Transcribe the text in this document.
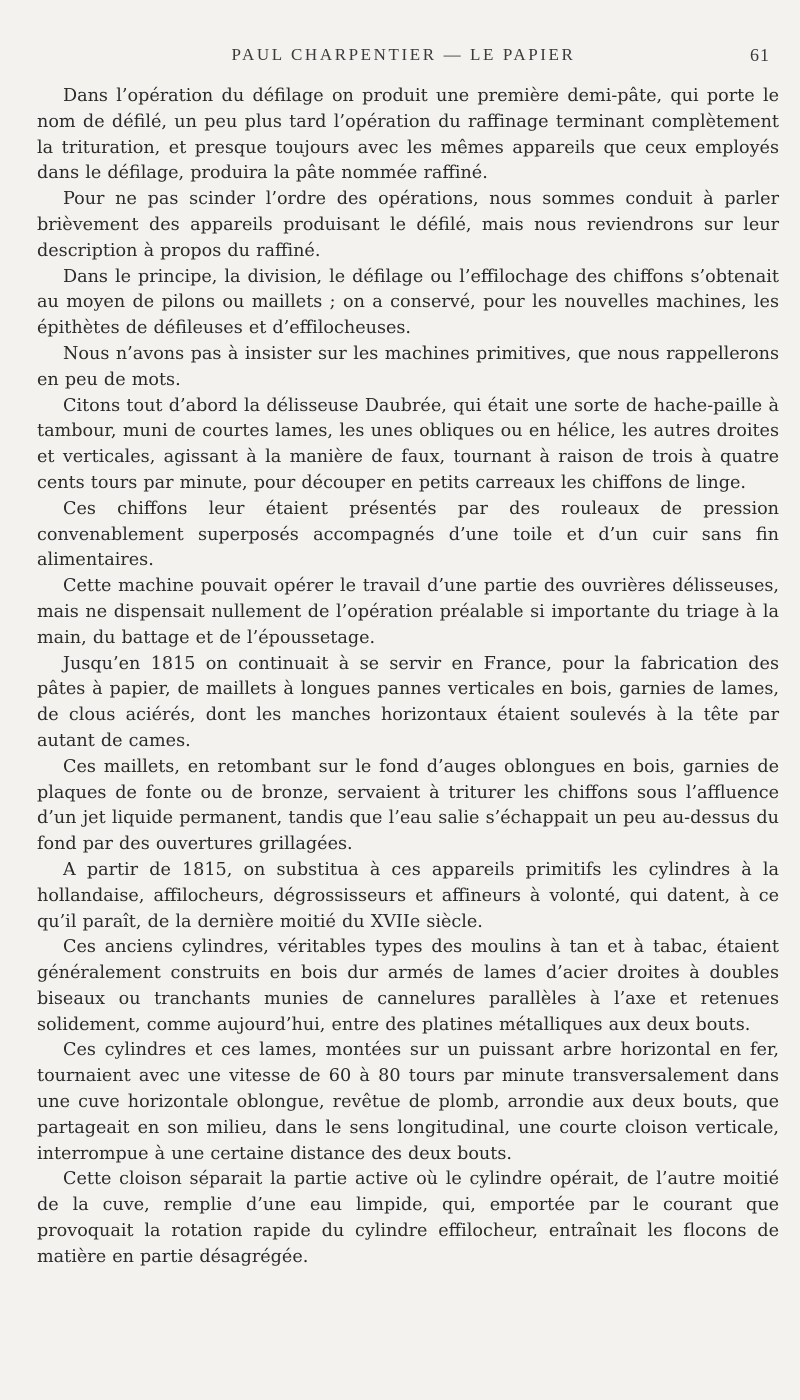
PAUL CHARPENTIER — LE PAPIER	61

Dans l’opération du défilage on produit une première demi-pâte, qui porte le nom de défilé, un peu plus tard l’opération du raffinage terminant complètement la trituration, et presque toujours avec les mêmes appareils que ceux employés dans le défilage, produira la pâte nommée raffiné.

Pour ne pas scinder l’ordre des opérations, nous sommes conduit à parler brièvement des appareils produisant le défilé, mais nous reviendrons sur leur description à propos du raffiné.

Dans le principe, la division, le défilage ou l’effilochage des chiffons s’obtenait au moyen de pilons ou maillets ; on a conservé, pour les nouvelles machines, les épithètes de défileuses et d’effilocheuses.

Nous n’avons pas à insister sur les machines primitives, que nous rappellerons en peu de mots.

Citons tout d’abord la délisseuse Daubrée, qui était une sorte de hache-paille à tambour, muni de courtes lames, les unes obliques ou en hélice, les autres droites et verticales, agissant à la manière de faux, tournant à raison de trois à quatre cents tours par minute, pour découper en petits carreaux les chiffons de linge.

Ces chiffons leur étaient présentés par des rouleaux de pression convenablement superposés accompagnés d’une toile et d’un cuir sans fin alimentaires.

Cette machine pouvait opérer le travail d’une partie des ouvrières délisseuses, mais ne dispensait nullement de l’opération préalable si importante du triage à la main, du battage et de l’époussetage.

Jusqu’en 1815 on continuait à se servir en France, pour la fabrication des pâtes à papier, de maillets à longues pannes verticales en bois, garnies de lames, de clous aciérés, dont les manches horizontaux étaient soulevés à la tête par autant de cames.

Ces maillets, en retombant sur le fond d’auges oblongues en bois, garnies de plaques de fonte ou de bronze, servaient à triturer les chiffons sous l’affluence d’un jet liquide permanent, tandis que l’eau salie s’échappait un peu au-dessus du fond par des ouvertures grillagées.

A partir de 1815, on substitua à ces appareils primitifs les cylindres à la hollandaise, affilocheurs, dégrossisseurs et affineurs à volonté, qui datent, à ce qu’il paraît, de la dernière moitié du XVIIe siècle.

Ces anciens cylindres, véritables types des moulins à tan et à tabac, étaient généralement construits en bois dur armés de lames d’acier droites à doubles biseaux ou tranchants munies de cannelures parallèles à l’axe et retenues solidement, comme aujourd’hui, entre des platines métalliques aux deux bouts.

Ces cylindres et ces lames, montées sur un puissant arbre horizontal en fer, tournaient avec une vitesse de 60 à 80 tours par minute transversalement dans une cuve horizontale oblongue, revêtue de plomb, arrondie aux deux bouts, que partageait en son milieu, dans le sens longitudinal, une courte cloison verticale, interrompue à une certaine distance des deux bouts.

Cette cloison séparait la partie active où le cylindre opérait, de l’autre moitié de la cuve, remplie d’une eau limpide, qui, emportée par le courant que provoquait la rotation rapide du cylindre effilocheur, entraînait les flocons de matière en partie désagrégée.
